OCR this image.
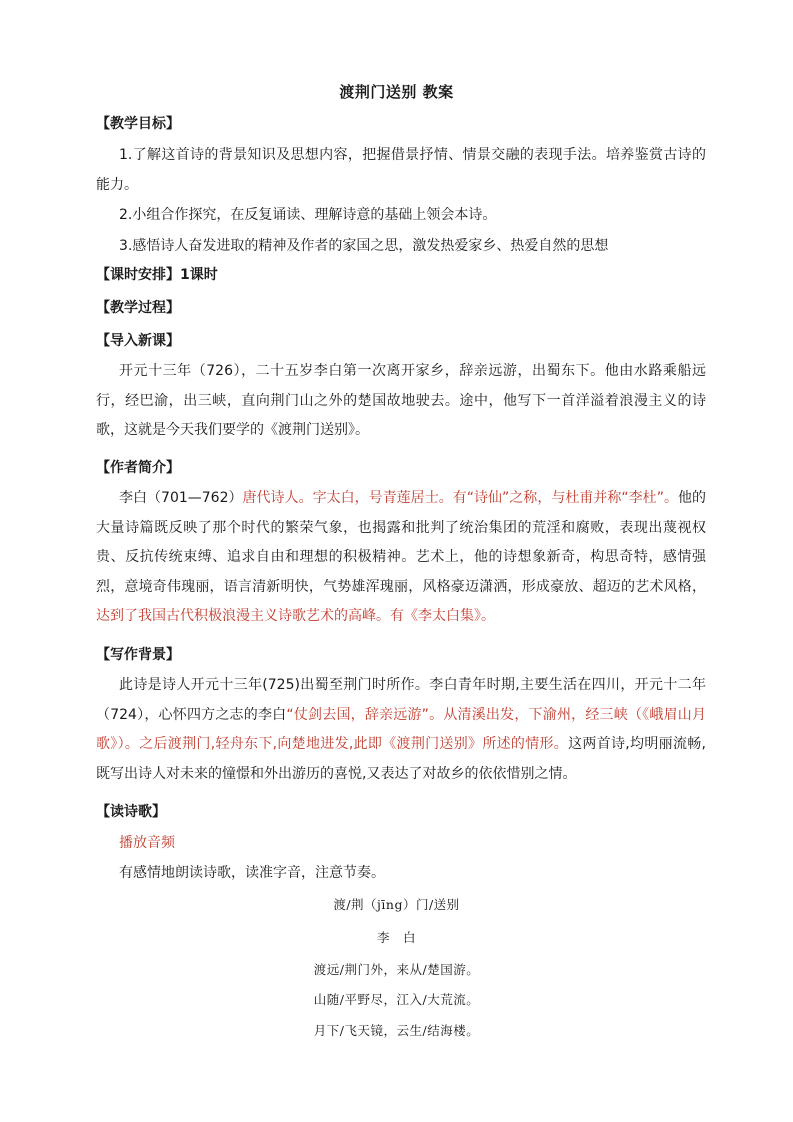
渡荆门送别 教案
【教学目标】
1.了解这首诗的背景知识及思想内容，把握借景抒情、情景交融的表现手法。培养鉴赏古诗的能力。
2.小组合作探究，在反复诵读、理解诗意的基础上领会本诗。
3.感悟诗人奋发进取的精神及作者的家国之思，激发热爱家乡、热爱自然的思想
【课时安排】1课时
【教学过程】
【导入新课】
开元十三年（726），二十五岁李白第一次离开家乡，辞亲远游，出蜀东下。他由水路乘船远行，经巴渝，出三峡，直向荆门山之外的楚国故地驶去。途中，他写下一首洋溢着浪漫主义的诗歌，这就是今天我们要学的《渡荆门送别》。
【作者简介】
李白（701—762）唐代诗人。字太白，号青莲居士。有“诗仙”之称，与杜甫并称“李杜”。他的大量诗篇既反映了那个时代的繁荣气象，也揭露和批判了统治集团的荒淫和腐败，表现出蔑视权贵、反抗传统束缚、追求自由和理想的积极精神。艺术上，他的诗想象新奇，构思奇特，感情强烈，意境奇伟瑰丽，语言清新明快，气势雄浑瑰丽，风格豪迈潇洒，形成豪放、超迈的艺术风格，达到了我国古代积极浪漫主义诗歌艺术的高峰。有《李太白集》。
【写作背景】
此诗是诗人开元十三年(725)出蜀至荆门时所作。李白青年时期,主要生活在四川，开元十二年（724），心怀四方之志的李白“仗剑去国，辞亲远游”。从清溪出发，下渝州，经三峡（《峨眉山月歌》）。之后渡荆门,轻舟东下,向楚地进发,此即《渡荆门送别》所述的情形。这两首诗,均明丽流畅,既写出诗人对未来的憧憬和外出游历的喜悦,又表达了对故乡的依依惜别之情。
【读诗歌】
播放音频
有感情地朗读诗歌，读准字音，注意节奏。
渡/荆（jīng）门/送别
李　白
渡远/荆门外，来从/楚国游。
山随/平野尽，江入/大荒流。
月下/飞天镜，云生/结海楼。
